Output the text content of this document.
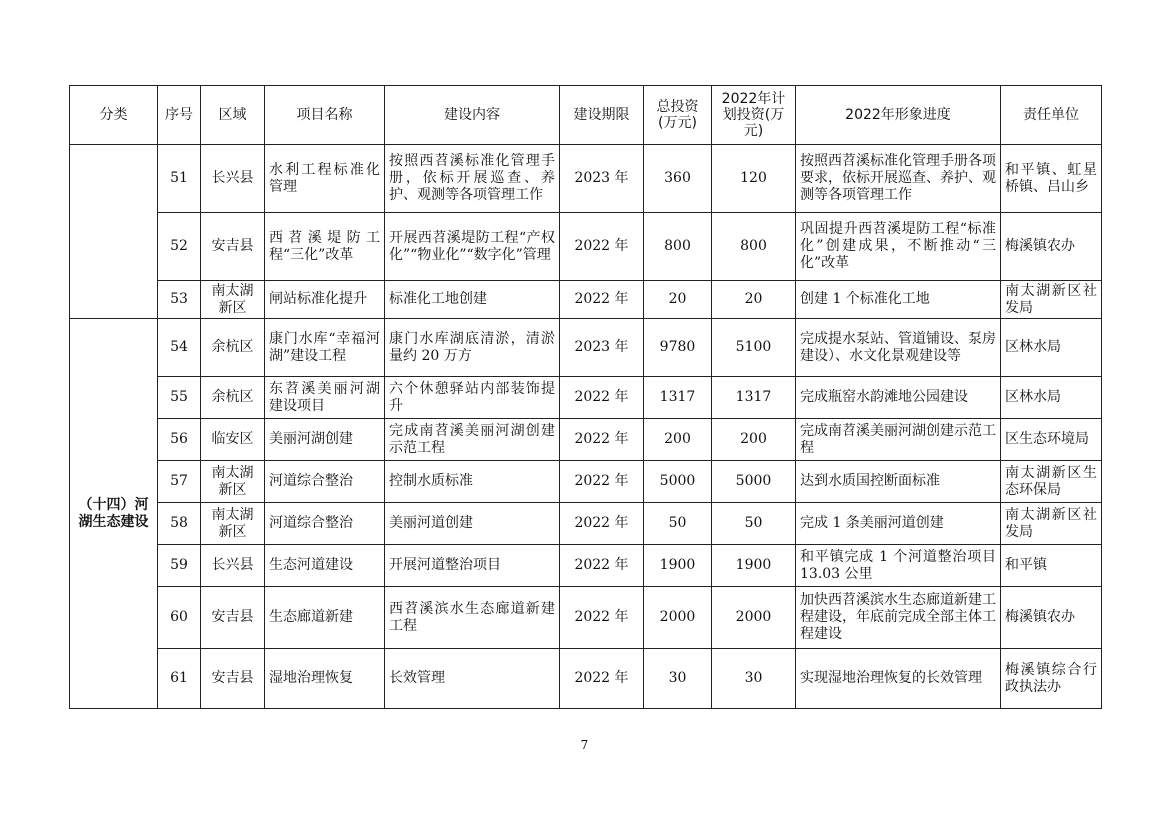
分类	序号	区域	项目名称	建设内容	建设期限	总投资(万元)	2022年计划投资(万元)	2022年形象进度	责任单位
	51	长兴县	水利工程标准化管理	按照西苕溪标准化管理手册，依标开展巡查、养护、观测等各项管理工作	2023 年	360	120	按照西苕溪标准化管理手册各项要求，依标开展巡查、养护、观测等各项管理工作	和平镇、虹星桥镇、吕山乡
	52	安吉县	西苕溪堤防工程“三化”改革	开展西苕溪堤防工程“产权化”“物业化”“数字化”管理	2022 年	800	800	巩固提升西苕溪堤防工程“标准化”创建成果，不断推动“三化”改革	梅溪镇农办
	53	南太湖新区	闸站标准化提升	标准化工地创建	2022 年	20	20	创建 1 个标准化工地	南太湖新区社发局
（十四）河湖生态建设	54	余杭区	康门水库“幸福河湖”建设工程	康门水库湖底清淤，清淤量约 20 万方	2023 年	9780	5100	完成提水泵站、管道铺设、泵房建设）、水文化景观建设等	区林水局
	55	余杭区	东苕溪美丽河湖建设项目	六个休憩驿站内部装饰提升	2022 年	1317	1317	完成瓶窑水韵滩地公园建设	区林水局
	56	临安区	美丽河湖创建	完成南苕溪美丽河湖创建示范工程	2022 年	200	200	完成南苕溪美丽河湖创建示范工程	区生态环境局
	57	南太湖新区	河道综合整治	控制水质标准	2022 年	5000	5000	达到水质国控断面标准	南太湖新区生态环保局
	58	南太湖新区	河道综合整治	美丽河道创建	2022 年	50	50	完成 1 条美丽河道创建	南太湖新区社发局
	59	长兴县	生态河道建设	开展河道整治项目	2022 年	1900	1900	和平镇完成 1 个河道整治项目 13.03 公里	和平镇
	60	安吉县	生态廊道新建	西苕溪滨水生态廊道新建工程	2022 年	2000	2000	加快西苕溪滨水生态廊道新建工程建设，年底前完成全部主体工程建设	梅溪镇农办
	61	安吉县	湿地治理恢复	长效管理	2022 年	30	30	实现湿地治理恢复的长效管理	梅溪镇综合行政执法办
7
